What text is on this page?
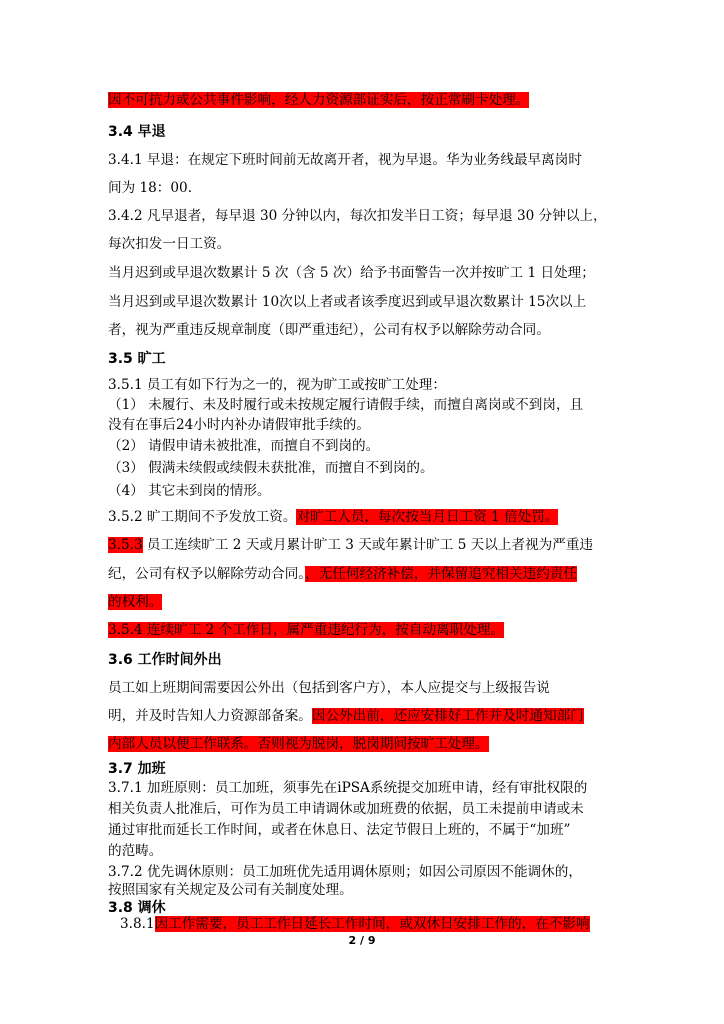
因不可抗力或公共事件影响，经人力资源部证实后，按正常刷卡处理。
3.4 早退
3.4.1 早退：在规定下班时间前无故离开者，视为早退。华为业务线最早离岗时
间为 18：00.
3.4.2 凡早退者，每早退 30 分钟以内，每次扣发半日工资；每早退 30 分钟以上，
每次扣发一日工资。
当月迟到或早退次数累计 5 次（含 5 次）给予书面警告一次并按旷工 1 日处理；
当月迟到或早退次数累计 10次以上者或者该季度迟到或早退次数累计 15次以上
者，视为严重违反规章制度（即严重违纪），公司有权予以解除劳动合同。
3.5 旷工
3.5.1 员工有如下行为之一的，视为旷工或按旷工处理：
（1） 未履行、未及时履行或未按规定履行请假手续，而擅自离岗或不到岗，且
没有在事后24小时内补办请假审批手续的。
（2） 请假申请未被批准，而擅自不到岗的。
（3） 假满未续假或续假未获批准，而擅自不到岗的。
（4） 其它未到岗的情形。
3.5.2 旷工期间不予发放工资。对旷工人员，每次按当月日工资 1 倍处罚。
3.5.3 员工连续旷工 2 天或月累计旷工 3 天或年累计旷工 5 天以上者视为严重违
纪，公司有权予以解除劳动合同。，无任何经济补偿，并保留追究相关违约责任
的权利。
3.5.4 连续旷工 2 个工作日，属严重违纪行为，按自动离职处理。
3.6 工作时间外出
员工如上班期间需要因公外出（包括到客户方），本人应提交与上级报告说
明，并及时告知人力资源部备案。因公外出前，还应安排好工作并及时通知部门
内部人员以便工作联系。否则视为脱岗，脱岗期间按旷工处理。
3.7 加班
3.7.1 加班原则：员工加班，须事先在iPSA系统提交加班申请，经有审批权限的
相关负责人批准后，可作为员工申请调休或加班费的依据，员工未提前申请或未
通过审批而延长工作时间，或者在休息日、法定节假日上班的，不属于“加班”
的范畴。
3.7.2 优先调休原则：员工加班优先适用调休原则；如因公司原因不能调休的，
按照国家有关规定及公司有关制度处理。
3.8 调休
3.8.1因工作需要，员工工作日延长工作时间，或双休日安排工作的，在不影响
2 / 9
